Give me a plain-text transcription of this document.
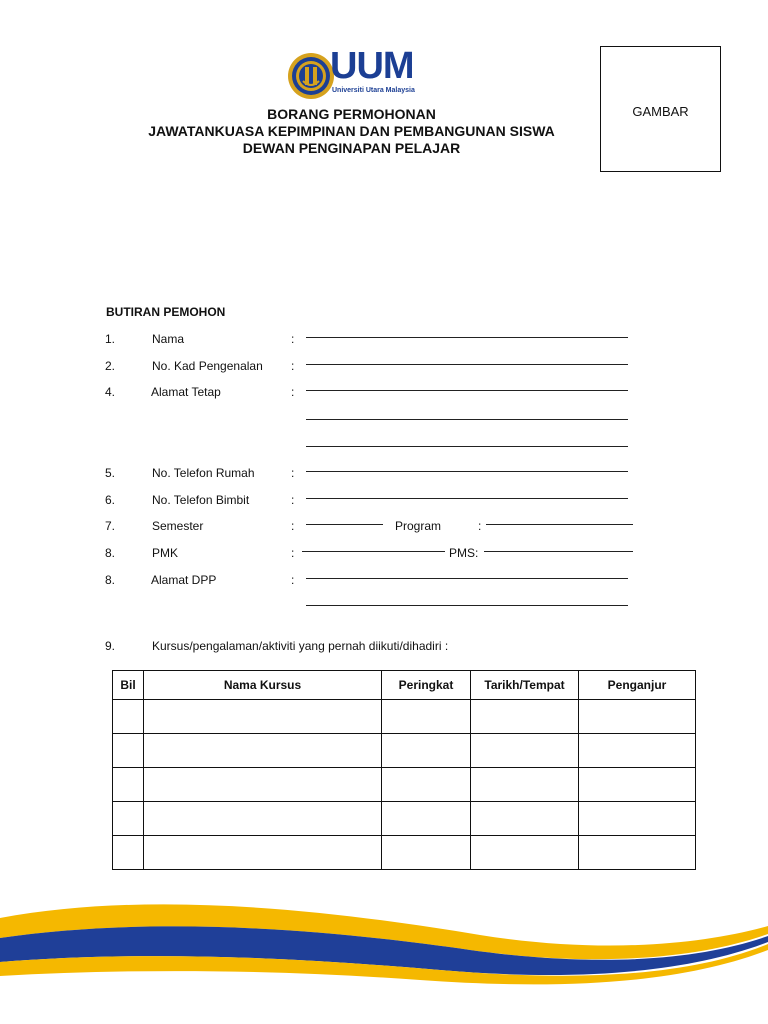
UUM
Universiti Utara Malaysia
GAMBAR
BORANG PERMOHONAN
JAWATANKUASA KEPIMPINAN DAN PEMBANGUNAN SISWA
DEWAN PENGINAPAN PELAJAR
BUTIRAN PEMOHON
1.	Nama	:
2.	No. Kad Pengenalan :
4.	Alamat Tetap	:
5.	No. Telefon Rumah	:
6.	No. Telefon Bimbit	:
7.	Semester	:	Program	:
8.	PMK	:	PMS:
8.	Alamat DPP	:
9.	Kursus/pengalaman/aktiviti yang pernah diikuti/dihadiri :
Bil	Nama Kursus	Peringkat	Tarikh/Tempat	Penganjur
